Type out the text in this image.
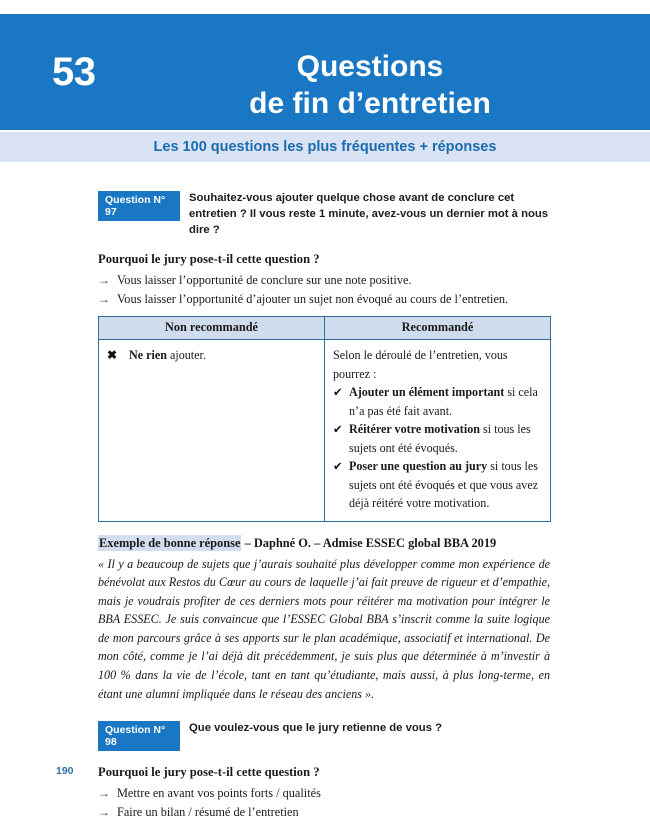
53	Questions
de fin d’entretien
Les 100 questions les plus fréquentes + réponses
Question N° 97
Souhaitez-vous ajouter quelque chose avant de conclure cet entretien ? Il vous reste 1 minute, avez-vous un dernier mot à nous dire ?
Pourquoi le jury pose-t-il cette question ?
→ Vous laisser l’opportunité de conclure sur une note positive.
→ Vous laisser l’opportunité d’ajouter un sujet non évoqué au cours de l’entretien.
Non recommandé	Recommandé

✖ Ne rien ajouter.	Selon le déroulé de l’entretien, vous pourrez :
✔ Ajouter un élément important si cela n’a pas été fait avant.
✔ Réitérer votre motivation si tous les sujets ont été évoqués.
✔ Poser une question au jury si tous les sujets ont été évoqués et que vous avez déjà réitéré votre motivation.
Exemple de bonne réponse – Daphné O. – Admise ESSEC global BBA 2019
« Il y a beaucoup de sujets que j’aurais souhaité plus développer comme mon expérience de bénévolat aux Restos du Cœur au cours de laquelle j’ai fait preuve de rigueur et d’empathie, mais je voudrais profiter de ces derniers mots pour réitérer ma motivation pour intégrer le BBA ESSEC. Je suis convaincue que l’ESSEC Global BBA s’inscrit comme la suite logique de mon parcours grâce à ses apports sur le plan académique, associatif et international. De mon côté, comme je l’ai déjà dit précédemment, je suis plus que déterminée à m’investir à 100 % dans la vie de l’école, tant en tant qu’étudiante, mais aussi, à plus long-terme, en étant une alumni impliquée dans le réseau des anciens ».
Question N° 98
Que voulez-vous que le jury retienne de vous ?
Pourquoi le jury pose-t-il cette question ?
→ Mettre en avant vos points forts / qualités
→ Faire un bilan / résumé de l’entretien
190
